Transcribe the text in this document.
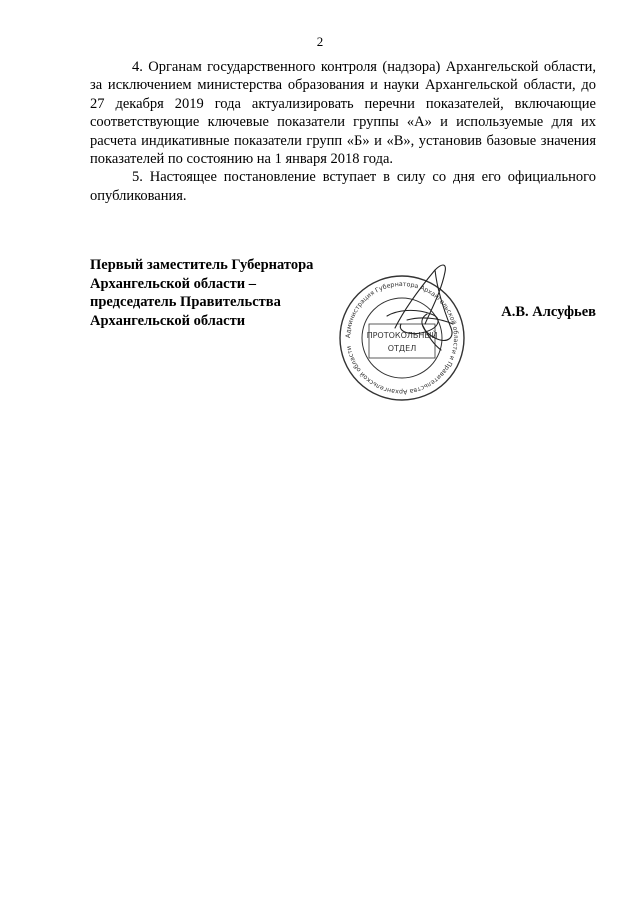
2

4. Органам государственного контроля (надзора) Архангельской области, за исключением министерства образования и науки Архангельской области, до 27 декабря 2019 года актуализировать перечни показателей, включающие соответствующие ключевые показатели группы «А» и используемые для их расчета индикативные показатели групп «Б» и «В», установив базовые значения показателей по состоянию на 1 января 2018 года.

5. Настоящее постановление вступает в силу со дня его официального опубликования.

Первый заместитель Губернатора
Архангельской области –
председатель Правительства
Архангельской области
А.В. Алсуфьев
Администрация Губернатора Архангельской области и Правительства Архангельской области
ПРОТОКОЛЬНЫЙ
ОТДЕЛ
